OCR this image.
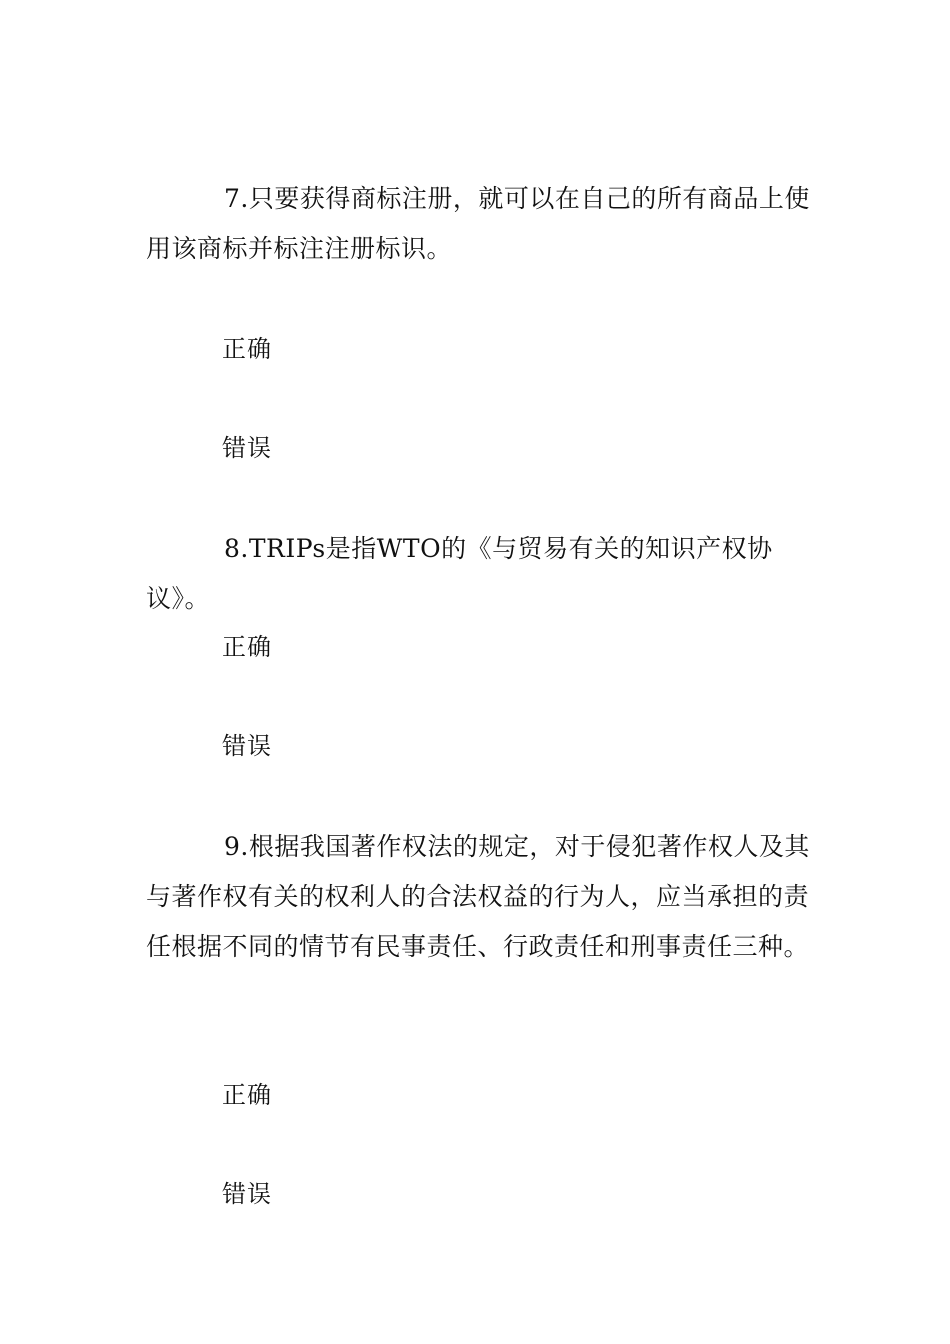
7.只要获得商标注册，就可以在自己的所有商品上使用该商标并标注注册标识。

正确

错误

8.TRIPs是指WTO的《与贸易有关的知识产权协议》。

正确

错误

9.根据我国著作权法的规定，对于侵犯著作权人及其与著作权有关的权利人的合法权益的行为人，应当承担的责任根据不同的情节有民事责任、行政责任和刑事责任三种。

正确

错误
